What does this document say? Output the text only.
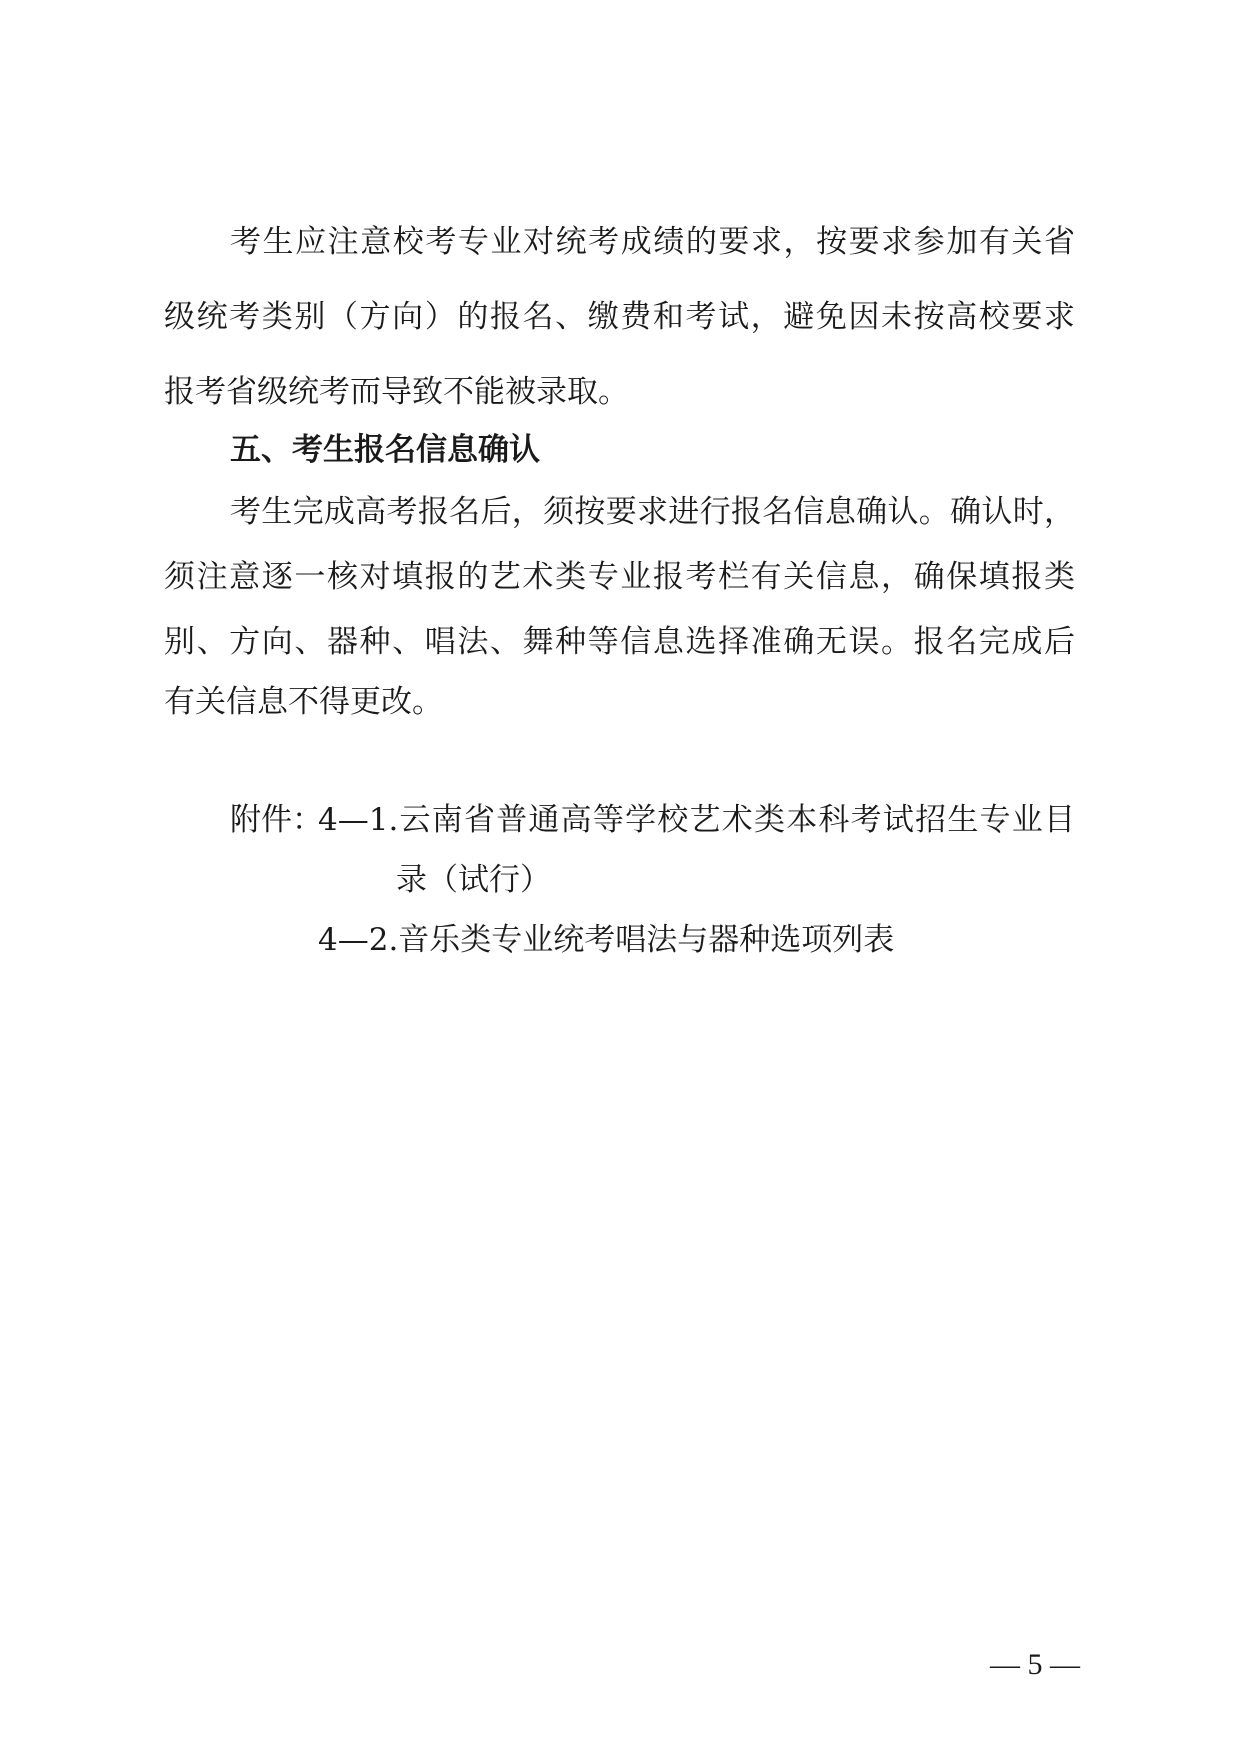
考生应注意校考专业对统考成绩的要求，按要求参加有关省
级统考类别（方向）的报名、缴费和考试，避免因未按高校要求
报考省级统考而导致不能被录取。
五、考生报名信息确认
考生完成高考报名后，须按要求进行报名信息确认。确认时，
须注意逐一核对填报的艺术类专业报考栏有关信息，确保填报类
别、方向、器种、唱法、舞种等信息选择准确无误。报名完成后
有关信息不得更改。
附件：
4—1.云南省普通高等学校艺术类本科考试招生专业目
录（试行）
4—2.音乐类专业统考唱法与器种选项列表
— 5 —
